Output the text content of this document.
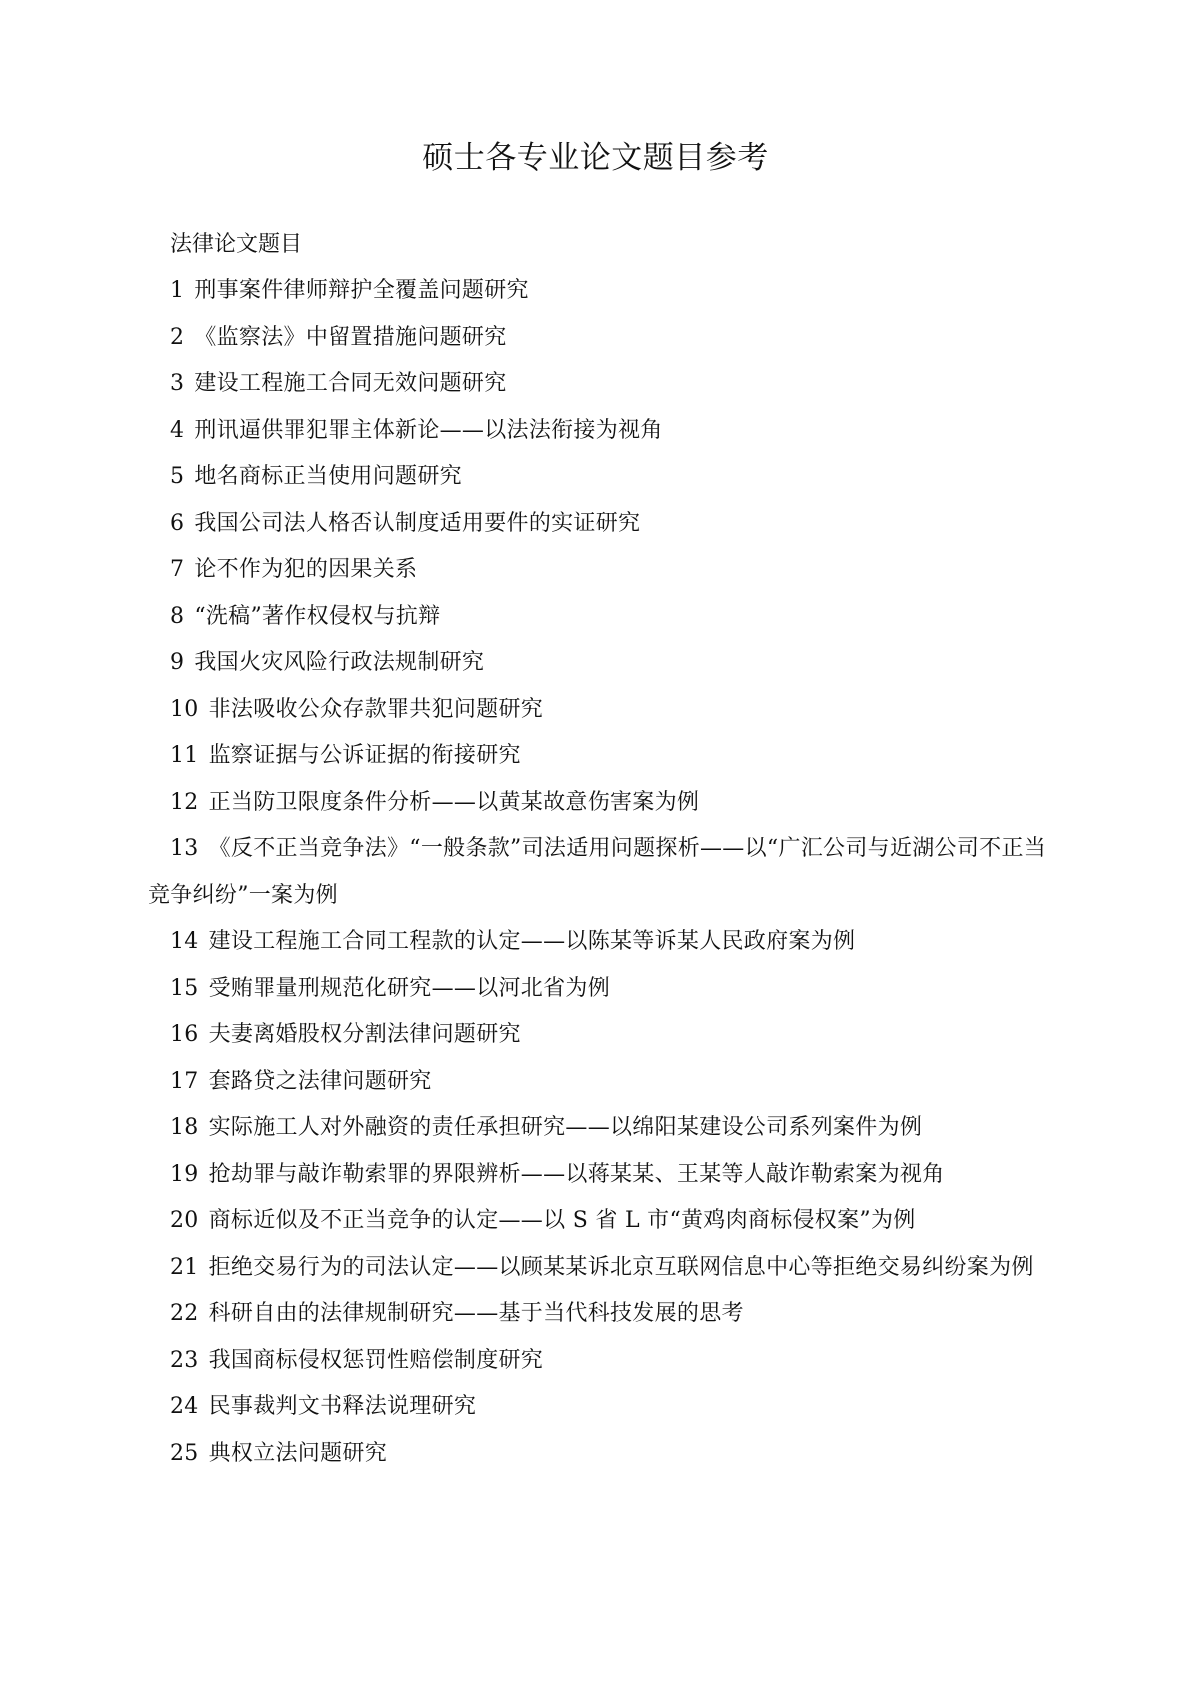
硕士各专业论文题目参考
法律论文题目

1 刑事案件律师辩护全覆盖问题研究

2 《监察法》中留置措施问题研究

3 建设工程施工合同无效问题研究

4 刑讯逼供罪犯罪主体新论——以法法衔接为视角

5 地名商标正当使用问题研究

6 我国公司法人格否认制度适用要件的实证研究

7 论不作为犯的因果关系

8 “洗稿”著作权侵权与抗辩

9 我国火灾风险行政法规制研究

10 非法吸收公众存款罪共犯问题研究

11 监察证据与公诉证据的衔接研究

12 正当防卫限度条件分析——以黄某故意伤害案为例

13 《反不正当竞争法》“一般条款”司法适用问题探析——以“广汇公司与近湖公司不正当竞争纠纷”一案为例

14 建设工程施工合同工程款的认定——以陈某等诉某人民政府案为例

15 受贿罪量刑规范化研究——以河北省为例

16 夫妻离婚股权分割法律问题研究

17 套路贷之法律问题研究

18 实际施工人对外融资的责任承担研究——以绵阳某建设公司系列案件为例

19 抢劫罪与敲诈勒索罪的界限辨析——以蒋某某、王某等人敲诈勒索案为视角

20 商标近似及不正当竞争的认定——以 S 省 L 市“黄鸡肉商标侵权案”为例

21 拒绝交易行为的司法认定——以顾某某诉北京互联网信息中心等拒绝交易纠纷案为例

22 科研自由的法律规制研究——基于当代科技发展的思考

23 我国商标侵权惩罚性赔偿制度研究

24 民事裁判文书释法说理研究

25 典权立法问题研究
